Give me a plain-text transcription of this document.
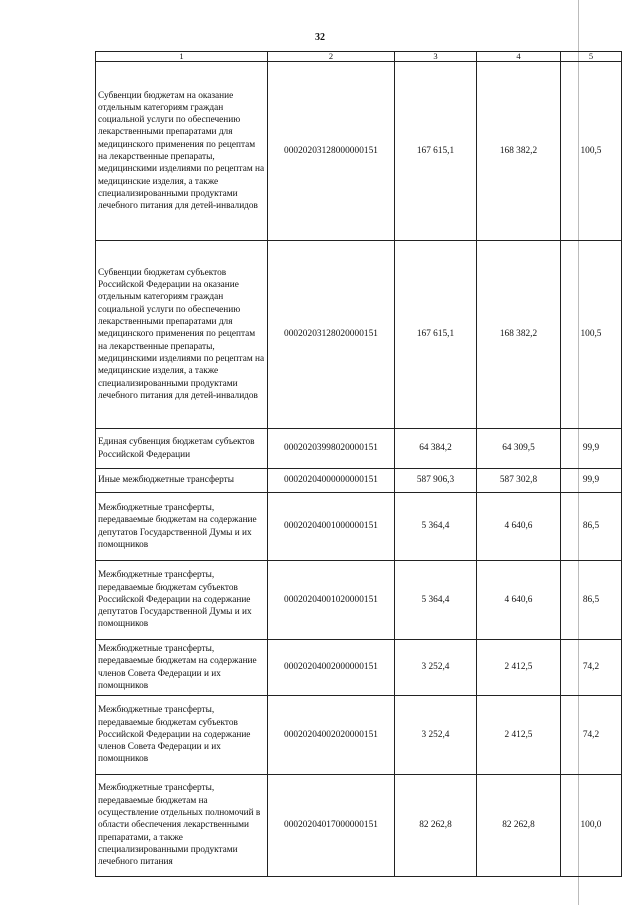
32
1	2	3	4	5
Субвенции бюджетам на оказание отдельным категориям граждан социальной услуги по обеспечению лекарственными препаратами для медицинского применения по рецептам на лекарственные препараты, медицинскими изделиями по рецептам на медицинские изделия, а также специализированными продуктами лечебного питания для детей-инвалидов	00020203128000000151	167 615,1	168 382,2	100,5
Субвенции бюджетам субъектов Российской Федерации на оказание отдельным категориям граждан социальной услуги по обеспечению лекарственными препаратами для медицинского применения по рецептам на лекарственные препараты, медицинскими изделиями по рецептам на медицинские изделия, а также специализированными продуктами лечебного питания для детей-инвалидов	00020203128020000151	167 615,1	168 382,2	100,5
Единая субвенция бюджетам субъектов Российской Федерации	00020203998020000151	64 384,2	64 309,5	99,9
Иные межбюджетные трансферты	00020204000000000151	587 906,3	587 302,8	99,9
Межбюджетные трансферты, передаваемые бюджетам на содержание депутатов Государственной Думы и их помощников	00020204001000000151	5 364,4	4 640,6	86,5
Межбюджетные трансферты, передаваемые бюджетам субъектов Российской Федерации на содержание депутатов Государственной Думы и их помощников	00020204001020000151	5 364,4	4 640,6	86,5
Межбюджетные трансферты, передаваемые бюджетам на содержание членов Совета Федерации и их помощников	00020204002000000151	3 252,4	2 412,5	74,2
Межбюджетные трансферты, передаваемые бюджетам субъектов Российской Федерации на содержание членов Совета Федерации и их помощников	00020204002020000151	3 252,4	2 412,5	74,2
Межбюджетные трансферты, передаваемые бюджетам на осуществление отдельных полномочий в области обеспечения лекарственными препаратами, а также специализированными продуктами лечебного питания	00020204017000000151	82 262,8	82 262,8	100,0
